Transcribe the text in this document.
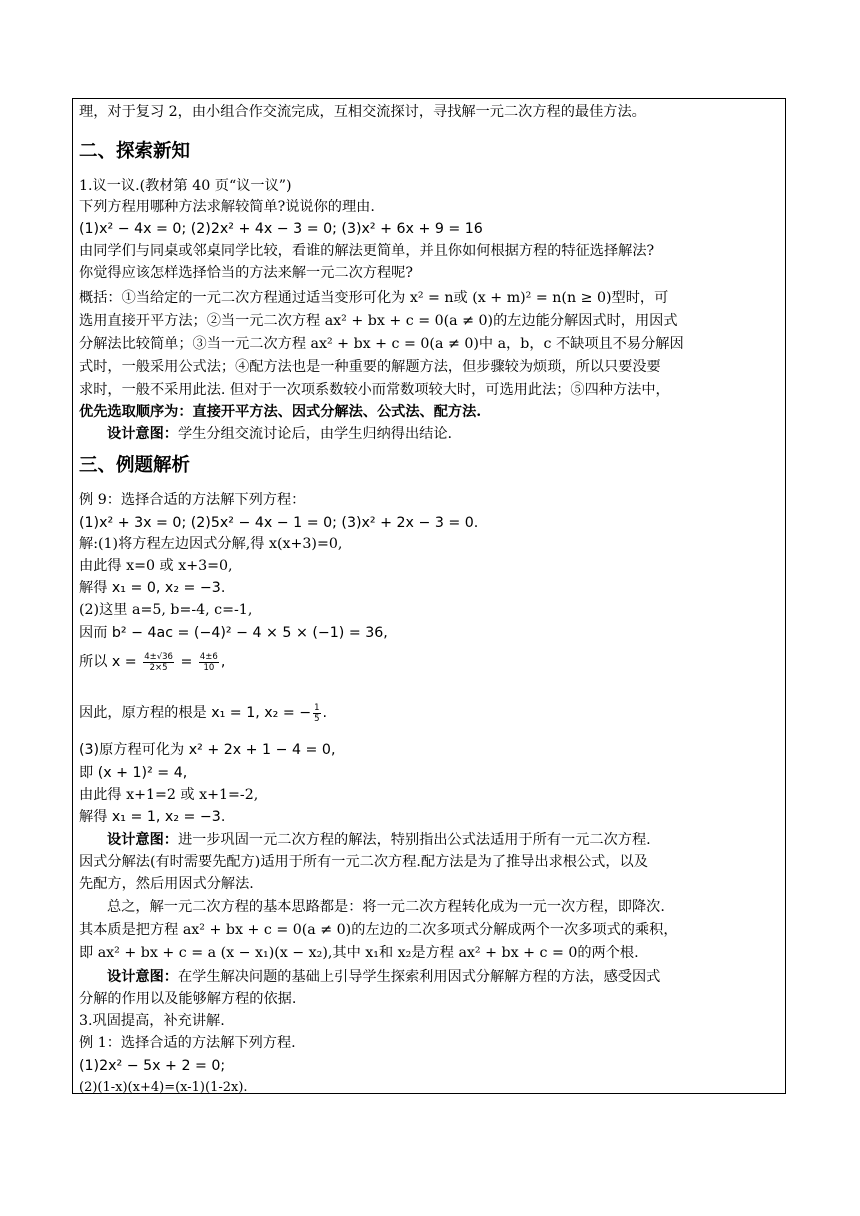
理，对于复习 2，由小组合作交流完成，互相交流探讨，寻找解一元二次方程的最佳方法。
二、探索新知
1.议一议.(教材第 40 页“议一议”)
下列方程用哪种方法求解较简单?说说你的理由.
(1)x² − 4x = 0; (2)2x² + 4x − 3 = 0; (3)x² + 6x + 9 = 16
由同学们与同桌或邻桌同学比较，看谁的解法更简单，并且你如何根据方程的特征选择解法?
你觉得应该怎样选择恰当的方法来解一元二次方程呢?
概括：①当给定的一元二次方程通过适当变形可化为 x² = n或 (x + m)² = n(n ≥ 0)型时，可
选用直接开平方法；②当一元二次方程 ax² + bx + c = 0(a ≠ 0)的左边能分解因式时，用因式
分解法比较简单；③当一元二次方程 ax² + bx + c = 0(a ≠ 0)中 a，b，c 不缺项且不易分解因
式时，一般采用公式法；④配方法也是一种重要的解题方法，但步骤较为烦琐，所以只要没要
求时，一般不采用此法. 但对于一次项系数较小而常数项较大时，可选用此法；⑤四种方法中，
优先选取顺序为：直接开平方法、因式分解法、公式法、配方法.
设计意图：学生分组交流讨论后，由学生归纳得出结论.
三、例题解析
例 9：选择合适的方法解下列方程：
(1)x² + 3x = 0; (2)5x² − 4x − 1 = 0; (3)x² + 2x − 3 = 0.
解:(1)将方程左边因式分解,得 x(x+3)=0,
由此得 x=0 或 x+3=0,
解得 x₁ = 0, x₂ = −3.
(2)这里 a=5, b=-4, c=-1,
因而 b² − 4ac = (−4)² − 4 × 5 × (−1) = 36,
所以 $x = \frac{4\pm√36}{2\times 5} = \frac{4\pm 6}{10}$ ,
因此，原方程的根是 x₁ = 1, x₂ = − $\frac{1}{5}$ .
(3)原方程可化为 x² + 2x + 1 − 4 = 0,
即 (x + 1)² = 4,
由此得 x+1=2 或 x+1=-2,
解得 x₁ = 1, x₂ = −3.
设计意图：进一步巩固一元二次方程的解法，特别指出公式法适用于所有一元二次方程.
因式分解法(有时需要先配方)适用于所有一元二次方程.配方法是为了推导出求根公式，以及
先配方，然后用因式分解法.
总之，解一元二次方程的基本思路都是：将一元二次方程转化成为一元一次方程，即降次.
其本质是把方程 ax² + bx + c = 0(a ≠ 0)的左边的二次多项式分解成两个一次多项式的乘积，
即 ax² + bx + c = a (x − x₁)(x − x₂),其中 x₁和 x₂是方程 ax² + bx + c = 0的两个根.
设计意图：在学生解决问题的基础上引导学生探索利用因式分解解方程的方法，感受因式
分解的作用以及能够解方程的依据.
3.巩固提高，补充讲解.
例 1：选择合适的方法解下列方程.
(1)2x² − 5x + 2 = 0;
(2)(1-x)(x+4)=(x-1)(1-2x).
